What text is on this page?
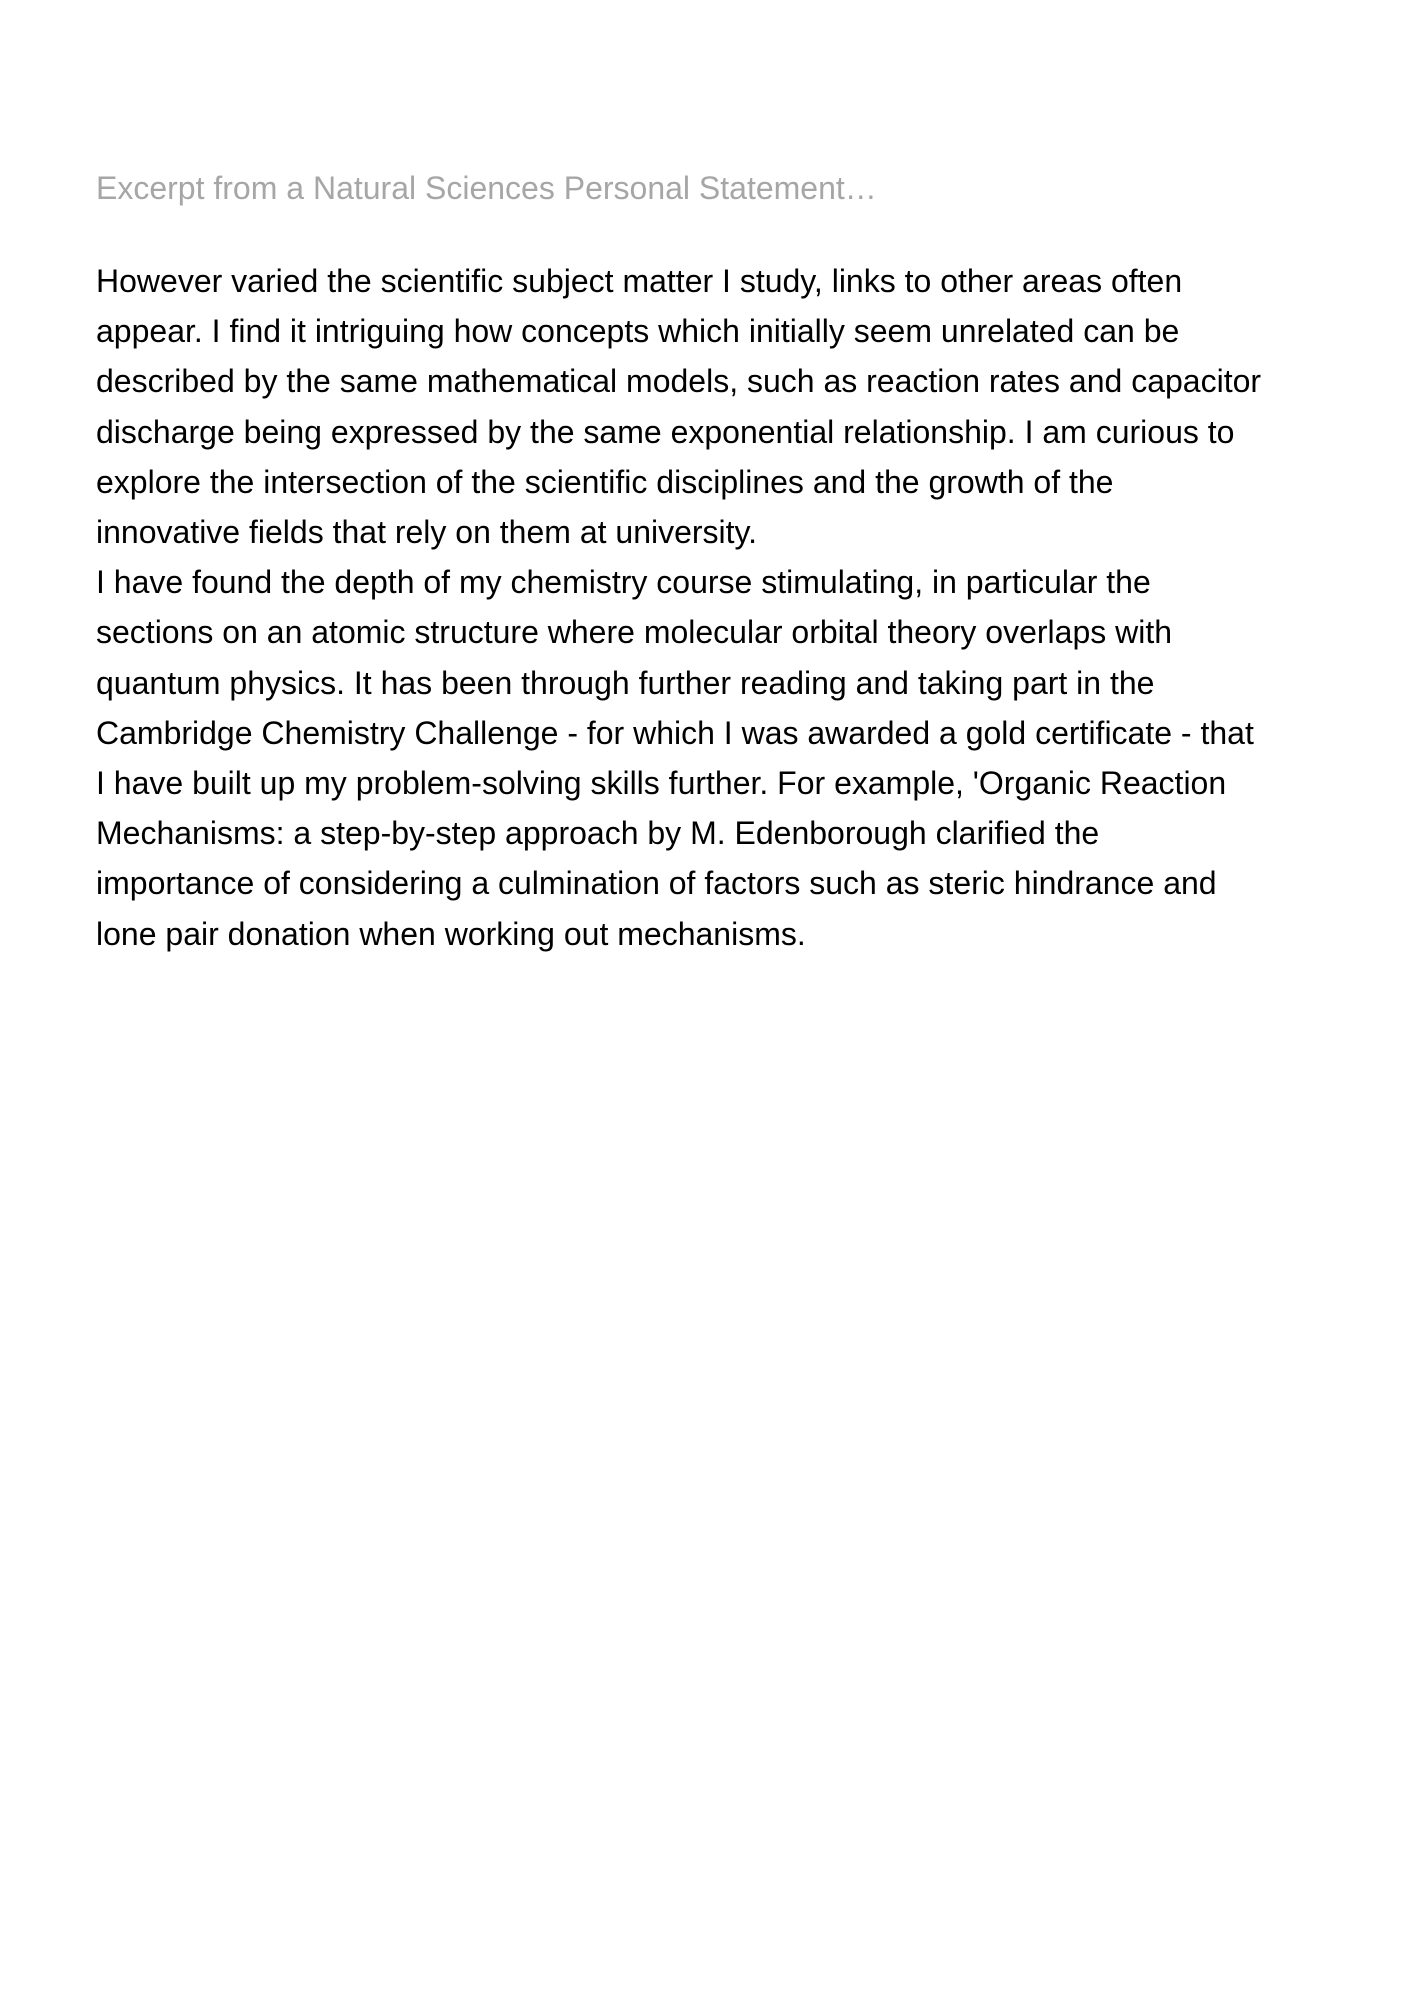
Excerpt from a Natural Sciences Personal Statement…
However varied the scientific subject matter I study, links to other areas often
appear. I find it intriguing how concepts which initially seem unrelated can be
described by the same mathematical models, such as reaction rates and capacitor
discharge being expressed by the same exponential relationship. I am curious to
explore the intersection of the scientific disciplines and the growth of the
innovative fields that rely on them at university.
I have found the depth of my chemistry course stimulating, in particular the
sections on an atomic structure where molecular orbital theory overlaps with
quantum physics. It has been through further reading and taking part in the
Cambridge Chemistry Challenge - for which I was awarded a gold certificate - that
I have built up my problem-solving skills further. For example, 'Organic Reaction
Mechanisms: a step-by-step approach by M. Edenborough clarified the
importance of considering a culmination of factors such as steric hindrance and
lone pair donation when working out mechanisms.
